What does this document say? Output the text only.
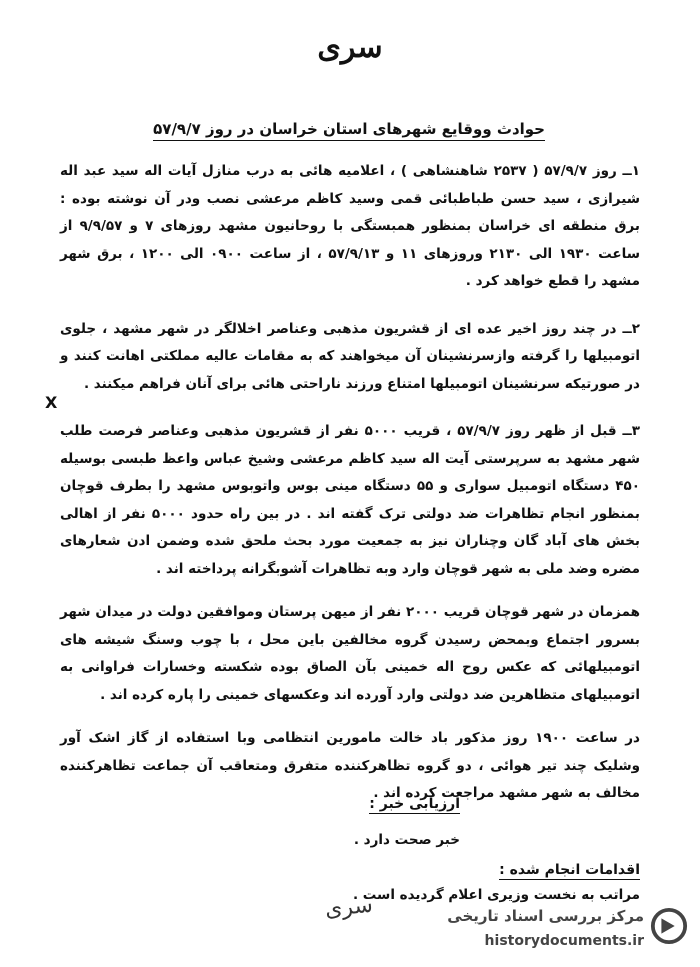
سری
حوادث ووقایع شهرهای استان خراسان در روز ۵۷/۹/۷
X

۱ــ روز ۵۷/۹/۷ ( ۲۵۳۷ شاهنشاهی ) ، اعلامیه هائی به درب منازل آیات اله سید عبد اله شیرازی ، سید حسن طباطبائی قمی وسید کاظم مرعشی نصب ودر آن نوشته بوده : برق منطقه ای خراسان بمنظور همبستگی با روحانیون مشهد روزهای ۷ و ۹/۹/۵۷ از ساعت ۱۹۳۰ الی ۲۱۳۰ وروزهای ۱۱ و ۵۷/۹/۱۳ ، از ساعت ۰۹۰۰ الی ۱۲۰۰ ، برق شهر مشهد را قطع خواهد کرد .

۲ــ در چند روز اخیر عده ای از قشریون مذهبی وعناصر اخلالگر در شهر مشهد ، جلوی اتومبیلها را گرفته وازسرنشینان آن میخواهند که به مقامات عالیه مملکتی اهانت کنند و در صورتیکه سرنشینان اتومبیلها امتناع ورزند ناراحتی هائی برای آنان فراهم میکنند .

۳ــ قبل از ظهر روز ۵۷/۹/۷ ، قریب ۵۰۰۰ نفر از قشریون مذهبی وعناصر فرصت طلب شهر مشهد به سرپرستی آیت اله سید کاظم مرعشی وشیخ عباس واعظ طبسی بوسیله ۴۵۰ دستگاه اتومبیل سواری و ۵۵ دستگاه مینی بوس واتوبوس مشهد را بطرف قوچان بمنظور انجام تظاهرات ضد دولتی ترک گفته اند . در بین راه حدود ۵۰۰۰ نفر از اهالی بخش های آباد گان وچناران نیز به جمعیت مورد بحث ملحق شده وضمن ادن شعارهای مضره وضد ملی به شهر قوچان وارد وبه تظاهرات آشوبگرانه پرداخته اند .

همزمان در شهر قوچان قریب ۲۰۰۰ نفر از میهن پرستان وموافقین دولت در میدان شهر بسرور اجتماع وبمحض رسیدن گروه مخالفین باین محل ، با چوب وسنگ شیشه های اتومبیلهائی که عکس روح اله خمینی بآن الصاق بوده شکسته وخسارات فراوانی به اتومبیلهای متظاهرین ضد دولتی وارد آورده اند وعکسهای خمینی را پاره کرده اند .

در ساعت ۱۹۰۰ روز مذکور باد خالت مامورین انتظامی وبا استفاده از گاز اشک آور وشلیک چند تیر هوائی ، دو گروه تظاهرکننده متفرق ومتعاقب آن جماعت تظاهرکننده مخالف به شهر مشهد مراجعت کرده اند .

ارزیابی خبر :
خبر صحت دارد .
اقدامات انجام شده :
مراتب به نخست وزیری اعلام گردیده است .
سری	مرکز بررسی اسناد تاریخی
historydocuments.ir
